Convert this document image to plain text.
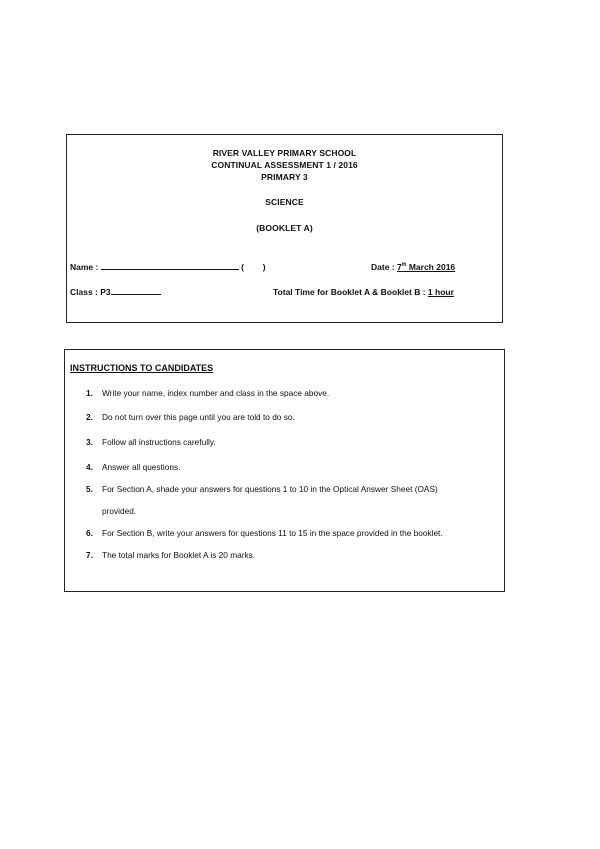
RIVER VALLEY PRIMARY SCHOOL
CONTINUAL ASSESSMENT 1 / 2016
PRIMARY 3
SCIENCE
(BOOKLET A)
Name :	( )	Date : 7th March 2016
Class : P3	Total Time for Booklet A & Booklet B : 1 hour
INSTRUCTIONS TO CANDIDATES
1. Write your name, index number and class in the space above.
2. Do not turn over this page until you are told to do so.
3. Follow all instructions carefully.
4. Answer all questions.
5. For Section A, shade your answers for questions 1 to 10 in the Optical Answer Sheet (OAS)
provided.
6. For Section B, write your answers for questions 11 to 15 in the space provided in the booklet.
7. The total marks for Booklet A is 20 marks.
